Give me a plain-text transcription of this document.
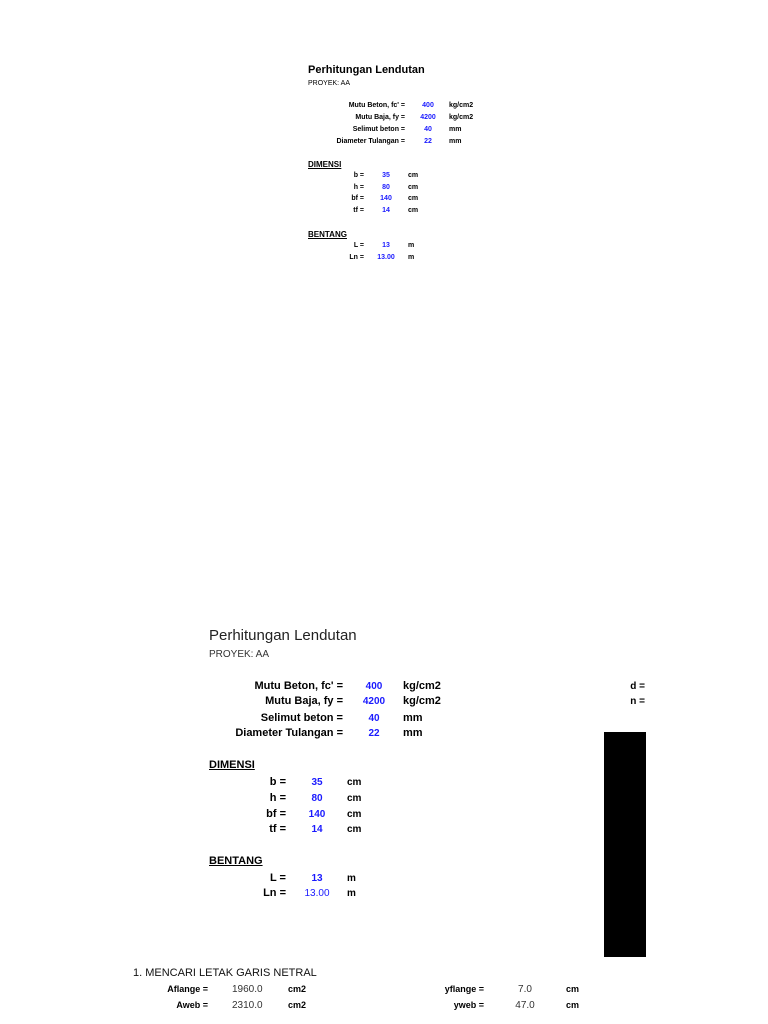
Perhitungan Lendutan
PROYEK: AA
Mutu Beton, fc' =	400	kg/cm2
Mutu Baja, fy =	4200	kg/cm2
Selimut beton =	40	mm
Diameter Tulangan =	22	mm
DIMENSI
b =	35	cm
h =	80	cm
bf =	140	cm
tf =	14	cm
BENTANG
L =	13	m
Ln =	13.00	m
Perhitungan Lendutan
PROYEK: AA
Mutu Beton, fc' =	400	kg/cm2
Mutu Baja, fy =	4200	kg/cm2
Selimut beton =	40	mm
Diameter Tulangan =	22	mm
DIMENSI
b =	35	cm
h =	80	cm
bf =	140	cm
tf =	14	cm
BENTANG
L =	13	m
Ln =	13.00	m
d =
n =
1. MENCARI LETAK GARIS NETRAL
Aflange = 1960.0	cm2	yflange =	7.0	cm
Aweb = 2310.0	cm2	yweb =	47.0	cm
